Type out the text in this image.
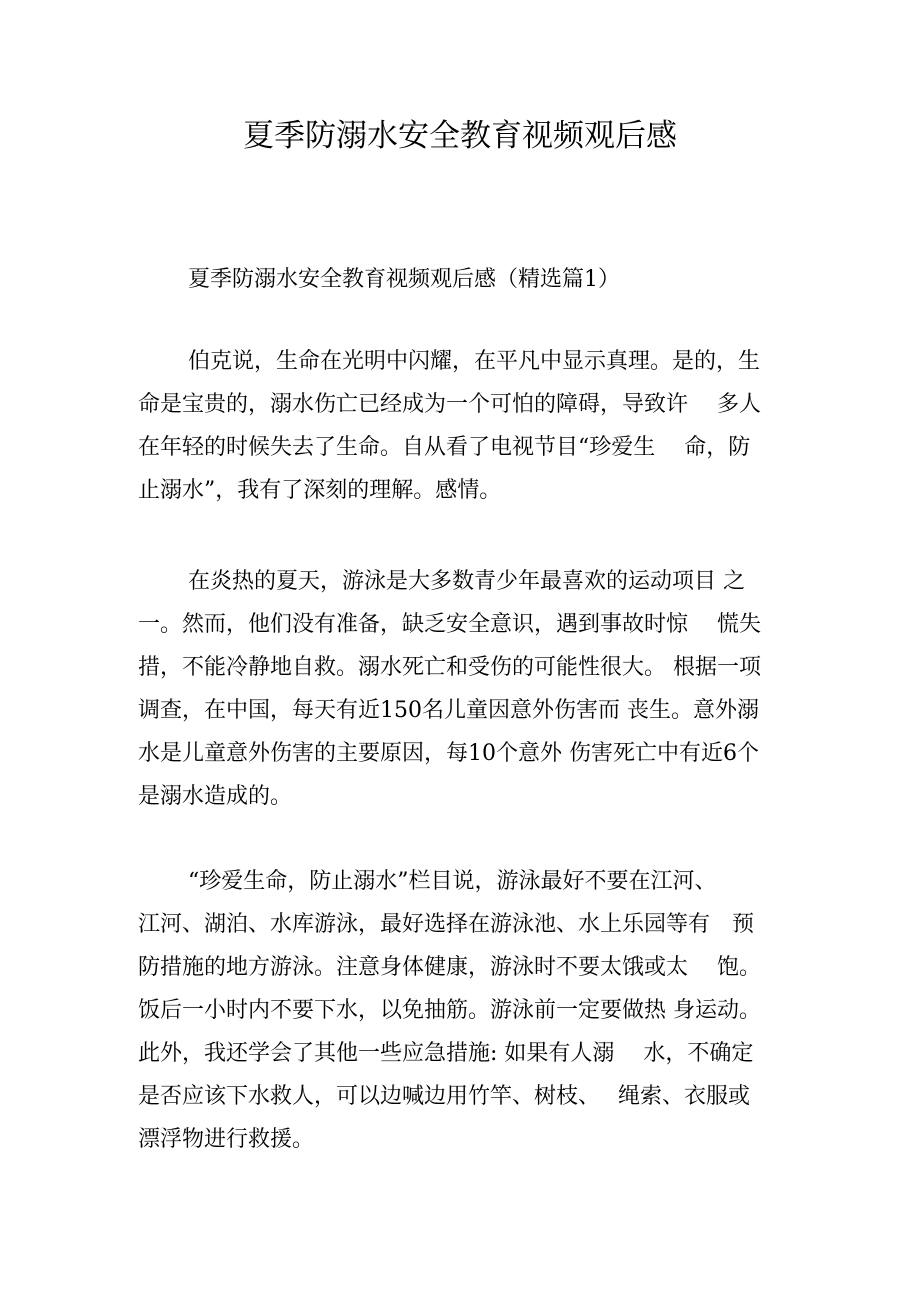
夏季防溺水安全教育视频观后感
夏季防溺水安全教育视频观后感（精选篇1）
伯克说，生命在光明中闪耀，在平凡中显示真理。是的，生
命是宝贵的，溺水伤亡已经成为一个可怕的障碍，导致许　 多人
在年轻的时候失去了生命。自从看了电视节目“珍爱生　 命，防
止溺水”，我有了深刻的理解。感情。
在炎热的夏天，游泳是大多数青少年最喜欢的运动项目 之
一。然而，他们没有准备，缺乏安全意识，遇到事故时惊　 慌失
措，不能冷静地自救。溺水死亡和受伤的可能性很大。 根据一项
调查，在中国，每天有近150名儿童因意外伤害而 丧生。意外溺
水是儿童意外伤害的主要原因，每10个意外 伤害死亡中有近6个
是溺水造成的。
“珍爱生命，防止溺水”栏目说，游泳最好不要在江河、
江河、湖泊、水库游泳，最好选择在游泳池、水上乐园等有　预
防措施的地方游泳。注意身体健康，游泳时不要太饿或太　 饱。
饭后一小时内不要下水，以免抽筋。游泳前一定要做热 身运动。
此外，我还学会了其他一些应急措施: 如果有人溺　 水，不确定
是否应该下水救人，可以边喊边用竹竿、树枝、　 绳索、衣服或
漂浮物进行救援。
